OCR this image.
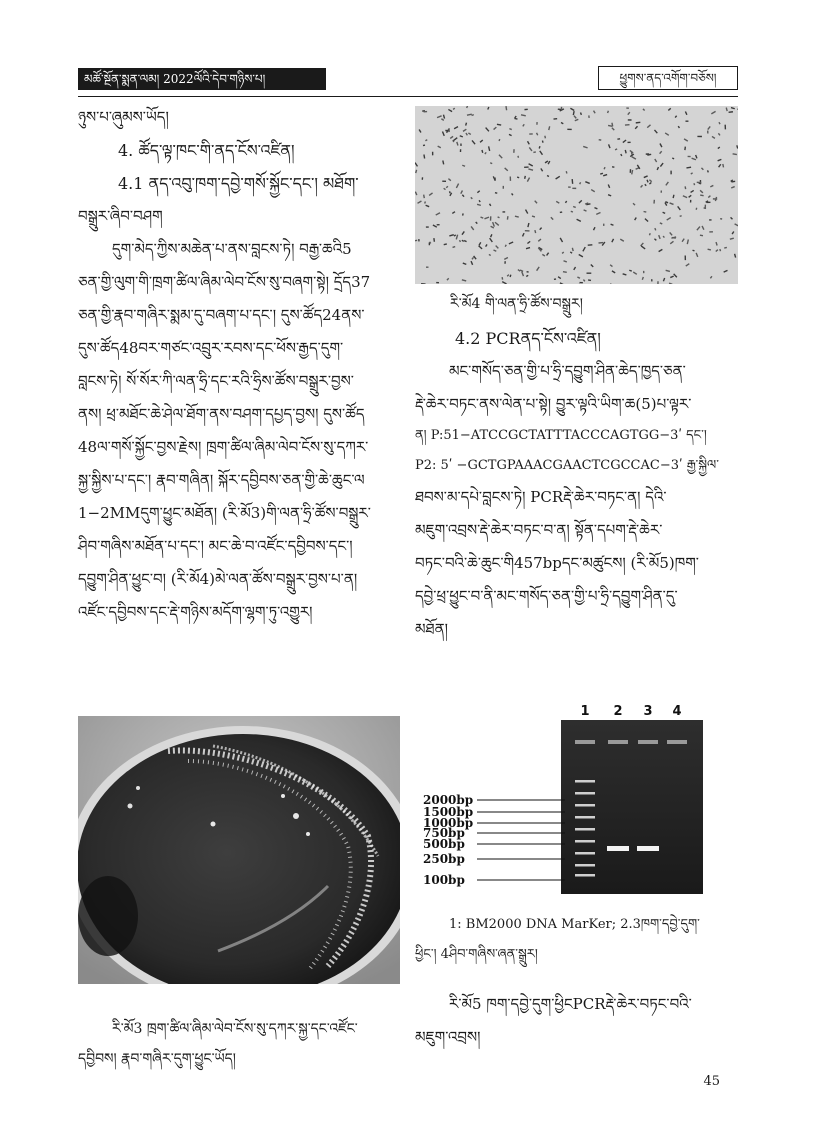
མཚོ་སྔོན་སྨན་ལམ། 2022ལོའི་དེབ་གཉིས་པ།	ཕྱུགས་ནད་འགོག་བཅོས།

ཉུས་པ་ཞུམས་ཡོད།

4. ཚོད་ལྟ་ཁང་གི་ནད་ངོས་འཛིན།

4.1 ནད་འབུ་ཁག་དབྱེ་གསོ་སྐྱོང་དང་། མཐོག་

བསྒྲུར་ཞིབ་བཤག

དུག་མེད་ཀྱིས་མཆེན་པ་ནས་བླངས་ཏེ། བརྒྱ་ཆའི5

ཅན་གྱི་ལུག་གི་ཁྲག་ཚིལ་ཞིམ་ལེབ་ངོས་སུ་བཞག་སྟེ། དྲོད37

ཅན་གྱི་རྣབ་གཞིར་སྨམ་དུ་བཞག་པ་དང་། དུས་ཚོད24ནས་

དུས་ཚོད48བར་གཙང་འབྲུར་རབས་དང་ཕོས་རྒྱད་དུག་

བླངས་ཏེ། སོ་སོར་ཀི་ལན་ཧྲི་དང་རའི་ཧྲིས་ཚོས་བསྒྲུར་བྱས་

ནས། ཕྲ་མཐོང་ཆེ་ཤེལ་ཐོག་ནས་བཤག་དཔྱད་བྱས། དུས་ཚོད

48ལ་གསོ་སྐྱོང་བྱས་རྗེས། ཁྲག་ཚིལ་ཞིམ་ལེབ་ངོས་སུ་དཀར་

སྐྱ་སྐྱིས་པ་དང་། རྣབ་གཞིན། སྐོར་དབྱིབས་ཅན་གྱི་ཆེ་ཆུང་ལ

1−2MMདུག་ཕྱུང་མཐོན། (རི་མོ3)གི་ལན་ཧྲི་ཚོས་བསྒྲུར་

ཤིབ་གཞིས་མཐོན་པ་དང་། མང་ཆེ་བ་འཛོང་དབྱིབས་དང་།

དབྱུག་ཤིན་ཕྱུང་བ། (རི་མོ4)མེ་ལན་ཚོས་བསྒྲུར་བྱས་པ་ན།

འཛོང་དབྱིབས་དང་རྡེ་གཉིས་མདོག་ལྷག་ཏུ་འགྱུར།

རི་མོ3 ཁྲག་ཚིལ་ཞིམ་ལེབ་ངོས་སུ་དཀར་སྐྱ་དང་འཛོང་

དབྱིབས། རྣབ་གཞིར་དུག་ཕྱུང་ཡོད།

རི་མོ4 གི་ལན་ཧྲི་ཚོས་བསྒྲུར།

4.2 PCRནད་ངོས་འཛིན།

མང་གསོད་ཅན་གྱི་པ་ཧྲི་དབྱུག་ཤིན་ཆེད་ཁྱད་ཅན་

རྡེ་ཆེར་བཏང་ནས་ལེན་པ་སྟེ། བྱུར་ལྟའི་ཡིག་ཆ(5)པ་ལྟར་

ན། P:51−ATCCGCTATTTACCCAGTGG−3ʹ དང་།

P2: 5ʹ −GCTGPAAACGAACTCGCCAC−3ʹ རྒྱ་སྐྱིལ་

ཐབས་མ་དཔེ་བླངས་ཏེ། PCRརྡེ་ཆེར་བཏང་ན། དེའི་

མཇུག་འབྲས་རྡེ་ཆེར་བཏང་བ་ན། སྟོན་དཔག་རྡེ་ཆེར་

བཏང་བའི་ཆེ་ཆུང་གི457bpདང་མཚུངས། (རི་མོ5)ཁག་

དབྱེ་ཕྲ་ཕྱུང་བ་ནི་མང་གསོད་ཅན་གྱི་པ་ཧྲི་དབྱུག་ཤིན་དུ་

མཐོན།

1 2 3 4
2000bp
1500bp
1000bp
750bp
500bp
250bp
100bp

1: BM2000 DNA MarKer; 2.3ཁག་དབྱེ་དུག་

ཕྱིང་། 4ཤིབ་གཞིས་ཞན་སྒྲུར།

རི་མོ5 ཁག་དབྱེ་དུག་ཕྱིངPCRརྡེ་ཆེར་བཏང་བའི་

མཇུག་འབྲས།

45
